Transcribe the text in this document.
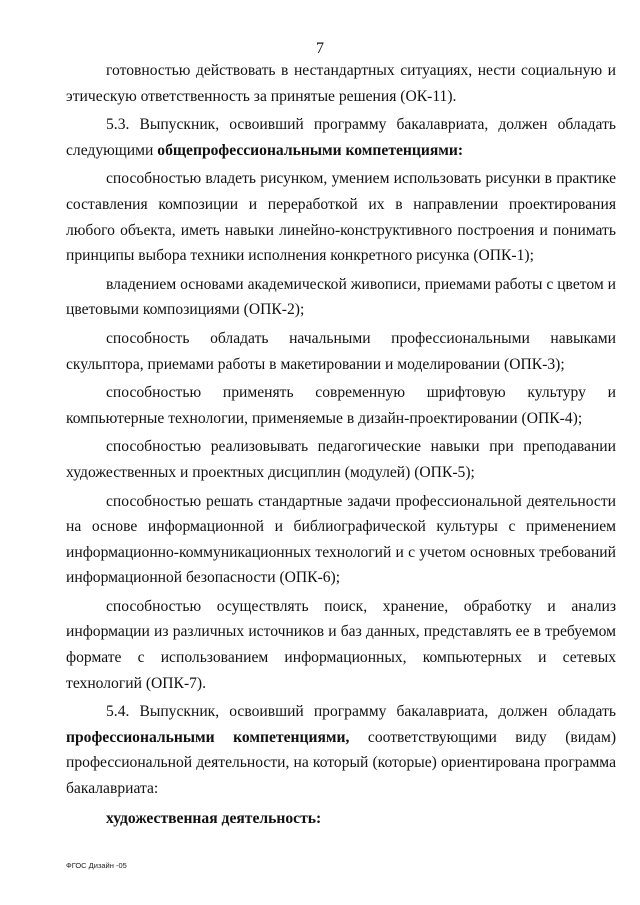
7

готовностью действовать в нестандартных ситуациях, нести социальную и этическую ответственность за принятые решения (ОК-11).

5.3. Выпускник, освоивший программу бакалавриата, должен обладать следующими общепрофессиональными компетенциями:

способностью владеть рисунком, умением использовать рисунки в практике составления композиции и переработкой их в направлении проектирования любого объекта, иметь навыки линейно-конструктивного построения и понимать принципы выбора техники исполнения конкретного рисунка (ОПК-1);

владением основами академической живописи, приемами работы с цветом и цветовыми композициями (ОПК-2);

способность обладать начальными профессиональными навыками скульптора, приемами работы в макетировании и моделировании (ОПК-3);

способностью применять современную шрифтовую культуру и компьютерные технологии, применяемые в дизайн-проектировании (ОПК-4);

способностью реализовывать педагогические навыки при преподавании художественных и проектных дисциплин (модулей) (ОПК-5);

способностью решать стандартные задачи профессиональной деятельности на основе информационной и библиографической культуры с применением информационно-коммуникационных технологий и с учетом основных требований информационной безопасности (ОПК-6);

способностью осуществлять поиск, хранение, обработку и анализ информации из различных источников и баз данных, представлять ее в требуемом формате с использованием информационных, компьютерных и сетевых технологий (ОПК-7).

5.4. Выпускник, освоивший программу бакалавриата, должен обладать профессиональными компетенциями, соответствующими виду (видам) профессиональной деятельности, на который (которые) ориентирована программа бакалавриата:

художественная деятельность:

ФГОС Дизайн -05
